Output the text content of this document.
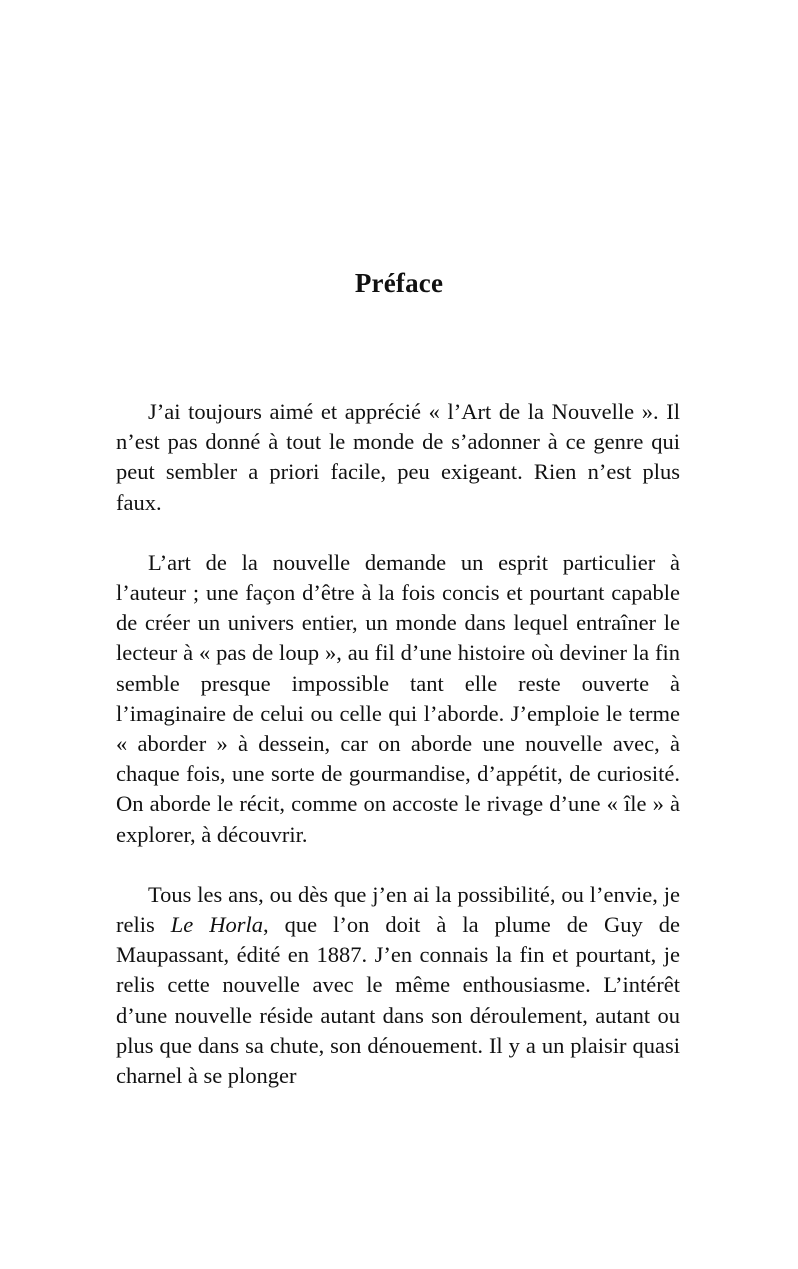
Préface

J’ai toujours aimé et apprécié « l’Art de la Nouvelle ». Il n’est pas donné à tout le monde de s’adonner à ce genre qui peut sembler a priori facile, peu exigeant. Rien n’est plus faux.

L’art de la nouvelle demande un esprit particulier à l’auteur ; une façon d’être à la fois concis et pourtant capable de créer un univers entier, un monde dans lequel entraîner le lecteur à « pas de loup », au fil d’une histoire où deviner la fin semble presque impossible tant elle reste ouverte à l’imaginaire de celui ou celle qui l’aborde. J’emploie le terme « aborder » à dessein, car on aborde une nouvelle avec, à chaque fois, une sorte de gourmandise, d’appétit, de curiosité. On aborde le récit, comme on accoste le rivage d’une « île » à explorer, à découvrir.

Tous les ans, ou dès que j’en ai la possibilité, ou l’envie, je relis Le Horla, que l’on doit à la plume de Guy de Maupassant, édité en 1887. J’en connais la fin et pourtant, je relis cette nouvelle avec le même enthousiasme. L’intérêt d’une nouvelle réside autant dans son déroulement, autant ou plus que dans sa chute, son dénouement. Il y a un plaisir quasi charnel à se plonger
